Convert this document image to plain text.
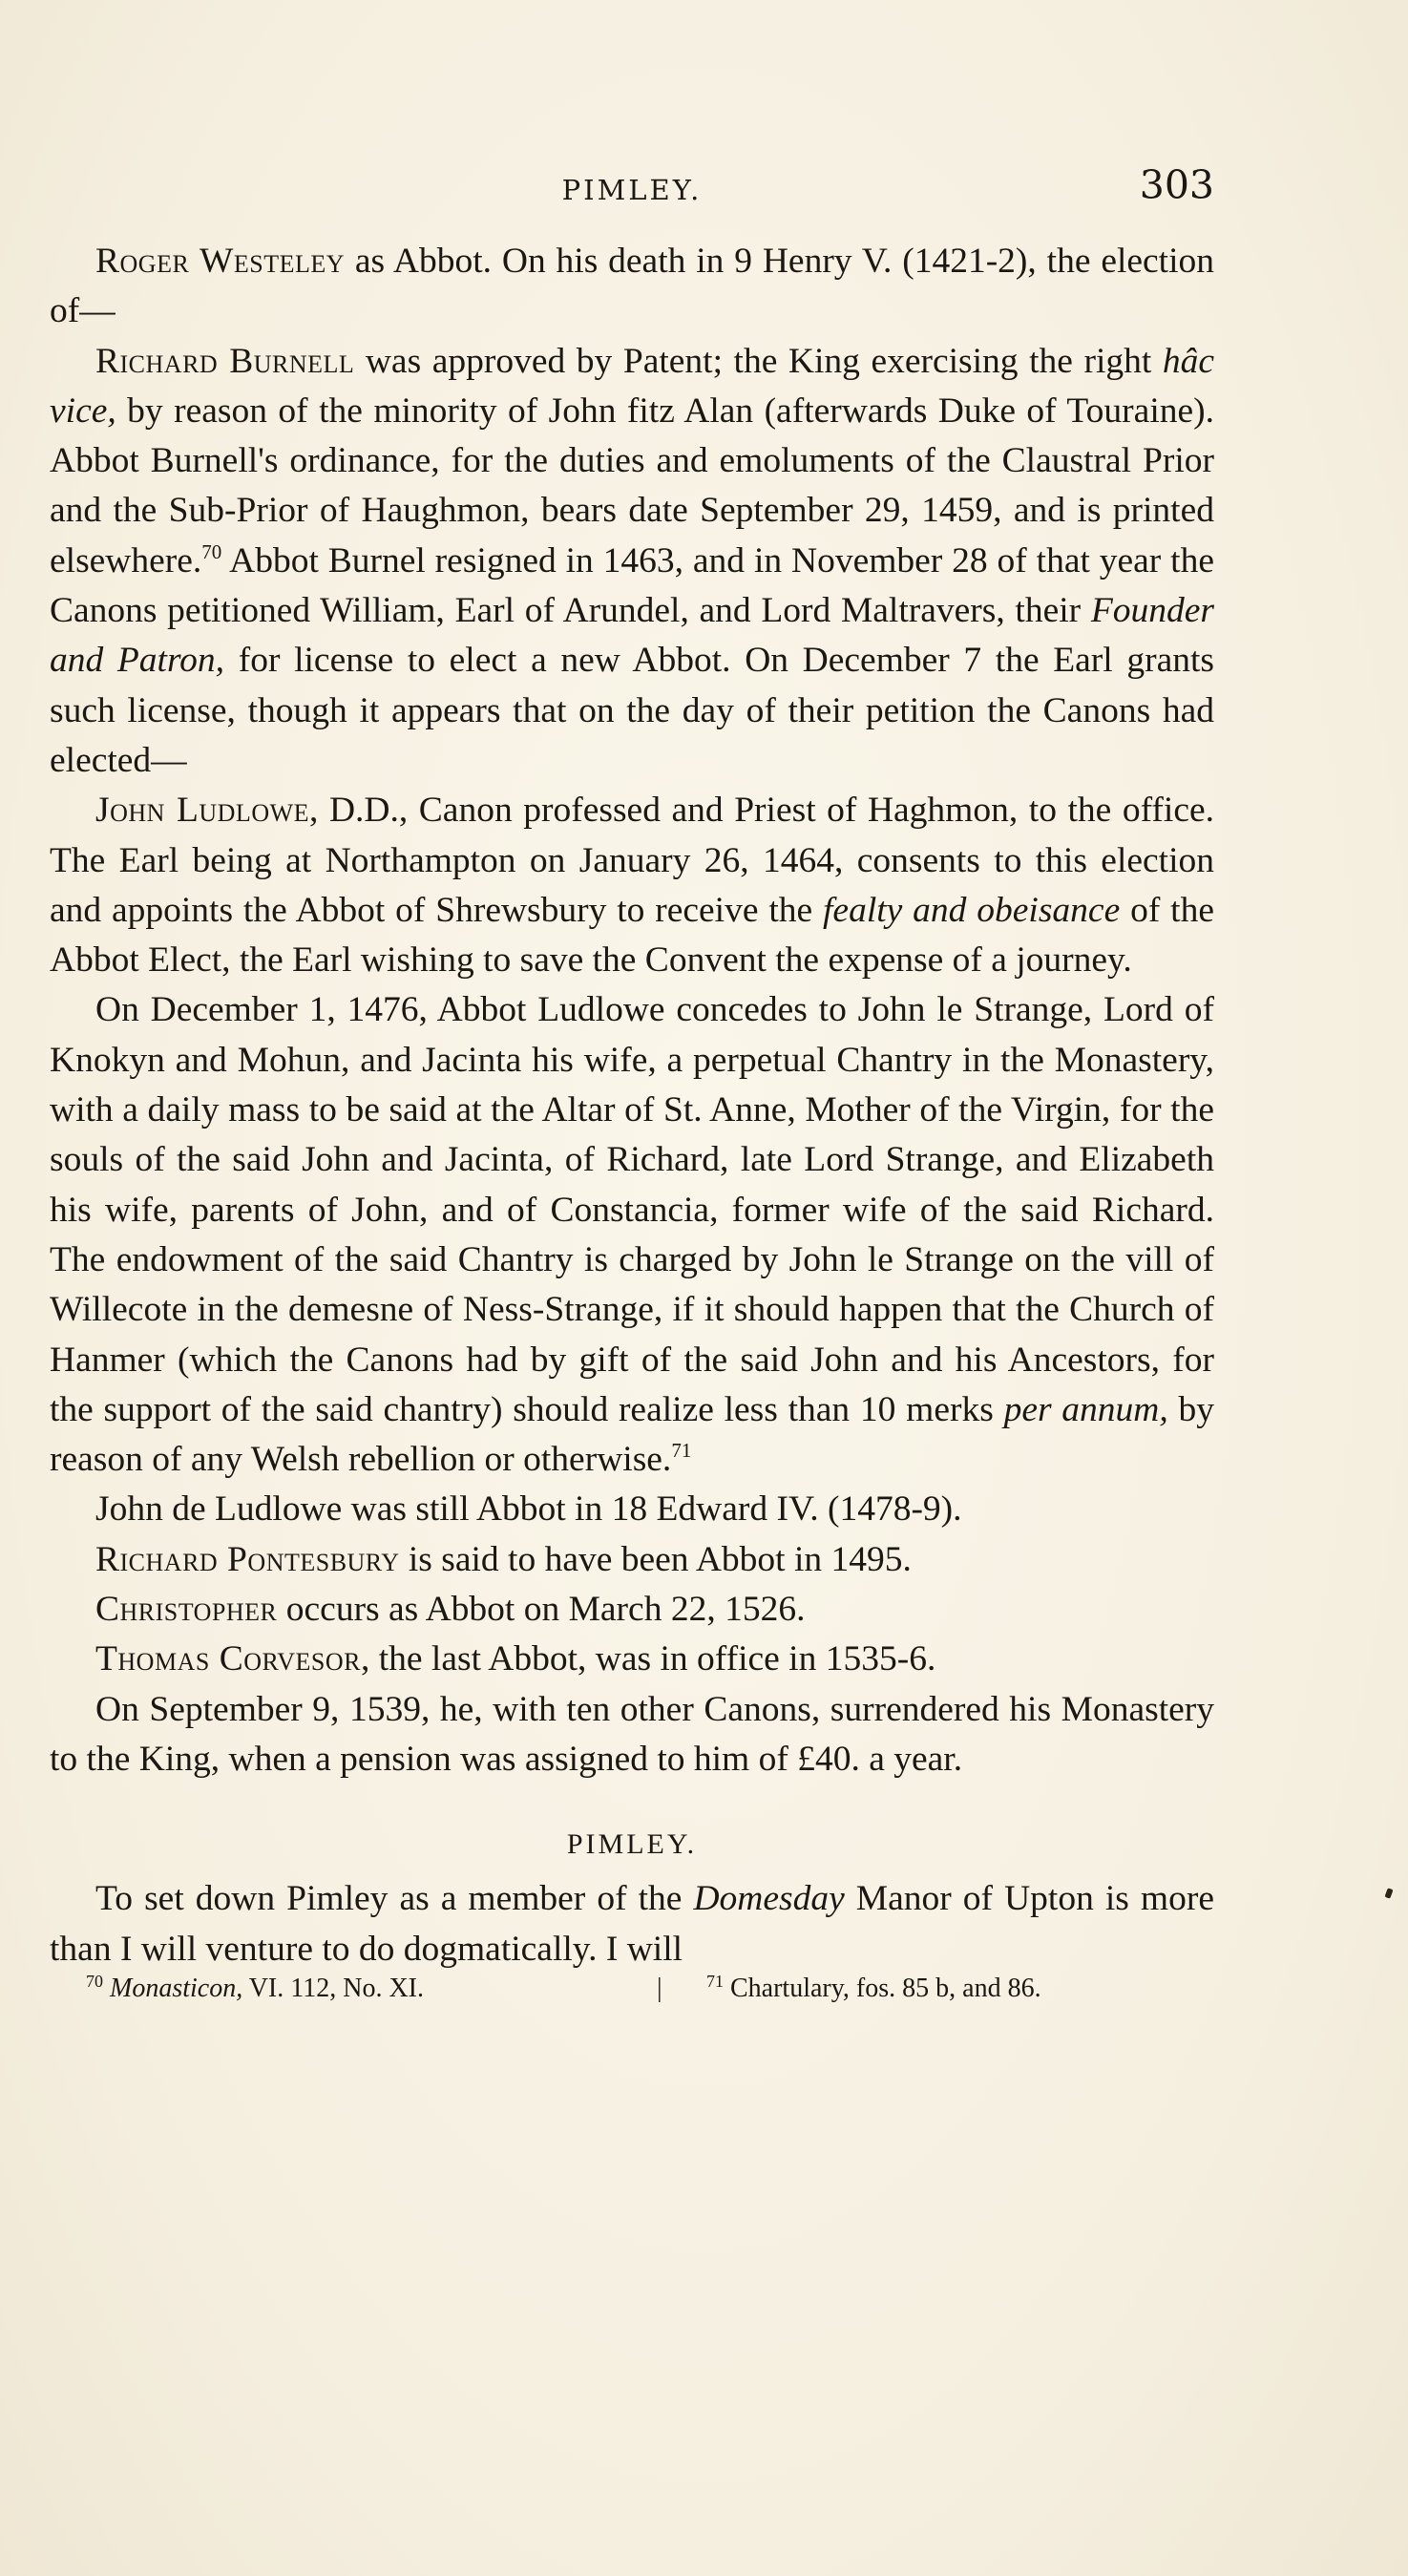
PIMLEY.	303

Roger Westeley as Abbot. On his death in 9 Henry V. (1421-2), the election of—

Richard Burnell was approved by Patent; the King exercising the right hâc vice, by reason of the minority of John fitz Alan (afterwards Duke of Touraine). Abbot Burnell's ordinance, for the duties and emoluments of the Claustral Prior and the Sub-Prior of Haughmon, bears date September 29, 1459, and is printed elsewhere.$^{70}$ Abbot Burnel resigned in 1463, and in November 28 of that year the Canons petitioned William, Earl of Arundel, and Lord Maltravers, their Founder and Patron, for license to elect a new Abbot. On December 7 the Earl grants such license, though it appears that on the day of their petition the Canons had elected—

John Ludlowe, D.D., Canon professed and Priest of Haghmon, to the office. The Earl being at Northampton on January 26, 1464, consents to this election and appoints the Abbot of Shrewsbury to receive the fealty and obeisance of the Abbot Elect, the Earl wishing to save the Convent the expense of a journey.

On December 1, 1476, Abbot Ludlowe concedes to John le Strange, Lord of Knokyn and Mohun, and Jacinta his wife, a perpetual Chantry in the Monastery, with a daily mass to be said at the Altar of St. Anne, Mother of the Virgin, for the souls of the said John and Jacinta, of Richard, late Lord Strange, and Elizabeth his wife, parents of John, and of Constancia, former wife of the said Richard. The endowment of the said Chantry is charged by John le Strange on the vill of Willecote in the demesne of Ness-Strange, if it should happen that the Church of Hanmer (which the Canons had by gift of the said John and his Ancestors, for the support of the said chantry) should realize less than 10 merks per annum, by reason of any Welsh rebellion or otherwise.$^{71}$

John de Ludlowe was still Abbot in 18 Edward IV. (1478-9).

Richard Pontesbury is said to have been Abbot in 1495.

Christopher occurs as Abbot on March 22, 1526.

Thomas Corvesor, the last Abbot, was in office in 1535-6.

On September 9, 1539, he, with ten other Canons, surrendered his Monastery to the King, when a pension was assigned to him of £40. a year.

PIMLEY.

To set down Pimley as a member of the Domesday Manor of Upton is more than I will venture to do dogmatically. I will

$^{70}$ Monasticon, VI. 112, No. XI.	|	$^{71}$ Chartulary, fos. 85 b, and 86.
